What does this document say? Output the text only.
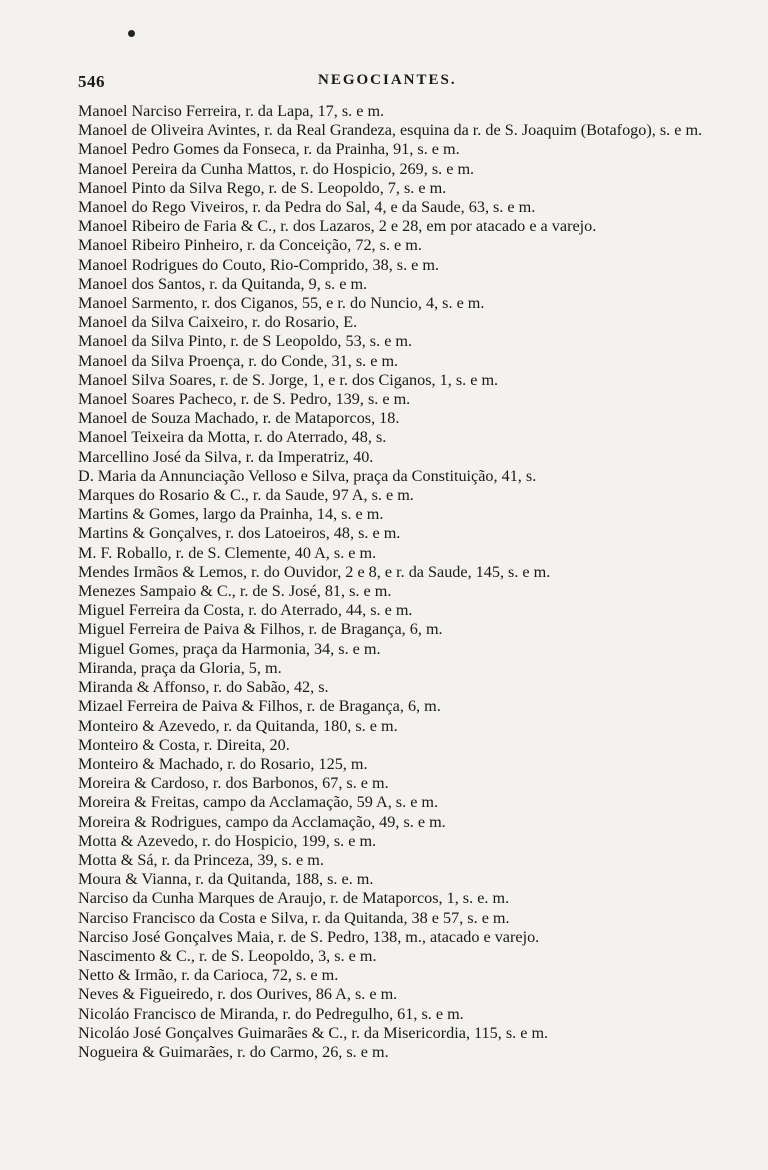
546	NEGOCIANTES.
Manoel Narciso Ferreira, r. da Lapa, 17, s. e m.
Manoel de Oliveira Avintes, r. da Real Grandeza, esquina da r. de S. Joaquim (Botafogo), s. e m.
Manoel Pedro Gomes da Fonseca, r. da Prainha, 91, s. e m.
Manoel Pereira da Cunha Mattos, r. do Hospicio, 269, s. e m.
Manoel Pinto da Silva Rego, r. de S. Leopoldo, 7, s. e m.
Manoel do Rego Viveiros, r. da Pedra do Sal, 4, e da Saude, 63, s. e m.
Manoel Ribeiro de Faria & C., r. dos Lazaros, 2 e 28, em por atacado e a varejo.
Manoel Ribeiro Pinheiro, r. da Conceição, 72, s. e m.
Manoel Rodrigues do Couto, Rio-Comprido, 38, s. e m.
Manoel dos Santos, r. da Quitanda, 9, s. e m.
Manoel Sarmento, r. dos Ciganos, 55, e r. do Nuncio, 4, s. e m.
Manoel da Silva Caixeiro, r. do Rosario, E.
Manoel da Silva Pinto, r. de S Leopoldo, 53, s. e m.
Manoel da Silva Proença, r. do Conde, 31, s. e m.
Manoel Silva Soares, r. de S. Jorge, 1, e r. dos Ciganos, 1, s. e m.
Manoel Soares Pacheco, r. de S. Pedro, 139, s. e m.
Manoel de Souza Machado, r. de Mataporcos, 18.
Manoel Teixeira da Motta, r. do Aterrado, 48, s.
Marcellino José da Silva, r. da Imperatriz, 40.
D. Maria da Annunciação Velloso e Silva, praça da Constituição, 41, s.
Marques do Rosario & C., r. da Saude, 97 A, s. e m.
Martins & Gomes, largo da Prainha, 14, s. e m.
Martins & Gonçalves, r. dos Latoeiros, 48, s. e m.
M. F. Roballo, r. de S. Clemente, 40 A, s. e m.
Mendes Irmãos & Lemos, r. do Ouvidor, 2 e 8, e r. da Saude, 145, s. e m.
Menezes Sampaio & C., r. de S. José, 81, s. e m.
Miguel Ferreira da Costa, r. do Aterrado, 44, s. e m.
Miguel Ferreira de Paiva & Filhos, r. de Bragança, 6, m.
Miguel Gomes, praça da Harmonia, 34, s. e m.
Miranda, praça da Gloria, 5, m.
Miranda & Affonso, r. do Sabão, 42, s.
Mizael Ferreira de Paiva & Filhos, r. de Bragança, 6, m.
Monteiro & Azevedo, r. da Quitanda, 180, s. e m.
Monteiro & Costa, r. Direita, 20.
Monteiro & Machado, r. do Rosario, 125, m.
Moreira & Cardoso, r. dos Barbonos, 67, s. e m.
Moreira & Freitas, campo da Acclamação, 59 A, s. e m.
Moreira & Rodrigues, campo da Acclamação, 49, s. e m.
Motta & Azevedo, r. do Hospicio, 199, s. e m.
Motta & Sá, r. da Princeza, 39, s. e m.
Moura & Vianna, r. da Quitanda, 188, s. e. m.
Narciso da Cunha Marques de Araujo, r. de Mataporcos, 1, s. e. m.
Narciso Francisco da Costa e Silva, r. da Quitanda, 38 e 57, s. e m.
Narciso José Gonçalves Maia, r. de S. Pedro, 138, m., atacado e varejo.
Nascimento & C., r. de S. Leopoldo, 3, s. e m.
Netto & Irmão, r. da Carioca, 72, s. e m.
Neves & Figueiredo, r. dos Ourives, 86 A, s. e m.
Nicoláo Francisco de Miranda, r. do Pedregulho, 61, s. e m.
Nicoláo José Gonçalves Guimarães & C., r. da Misericordia, 115, s. e m.
Nogueira & Guimarães, r. do Carmo, 26, s. e m.
